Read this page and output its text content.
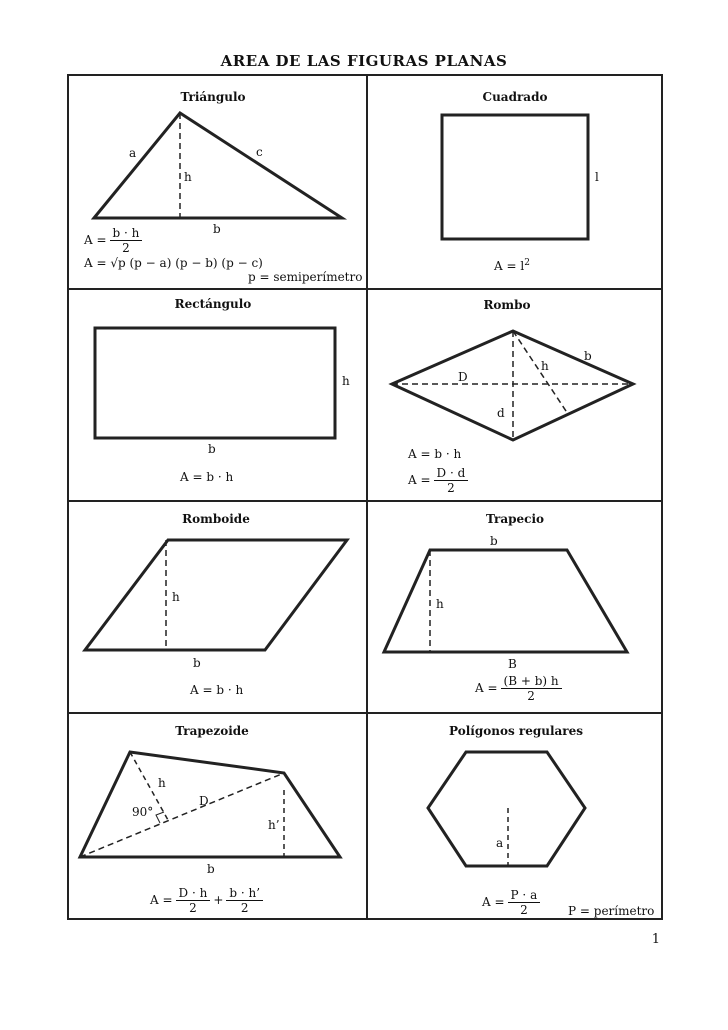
AREA DE LAS FIGURAS PLANAS
Triángulo
a	c
h
b
$A = \frac{b \cdot h}{2}$
A = √p (p − a) (p − b) (p − c)
p = semiperímetro
Cuadrado
l
$A = l^2$
Rectángulo
h
b
A = b · h
Rombo
b
h
D
d
A = b · h
$A = \frac{D \cdot d}{2}$
Romboide
h
b
A = b · h
Trapecio
b
h
B
$A = \frac{(B + b) h}{2}$
Trapezoide
h
90°
D
h’
b
$A = \frac{D \cdot h}{2} + \frac{b \cdot h’}{2}$
Polígonos regulares
a
$A = \frac{P \cdot a}{2}$ P = perímetro
1
